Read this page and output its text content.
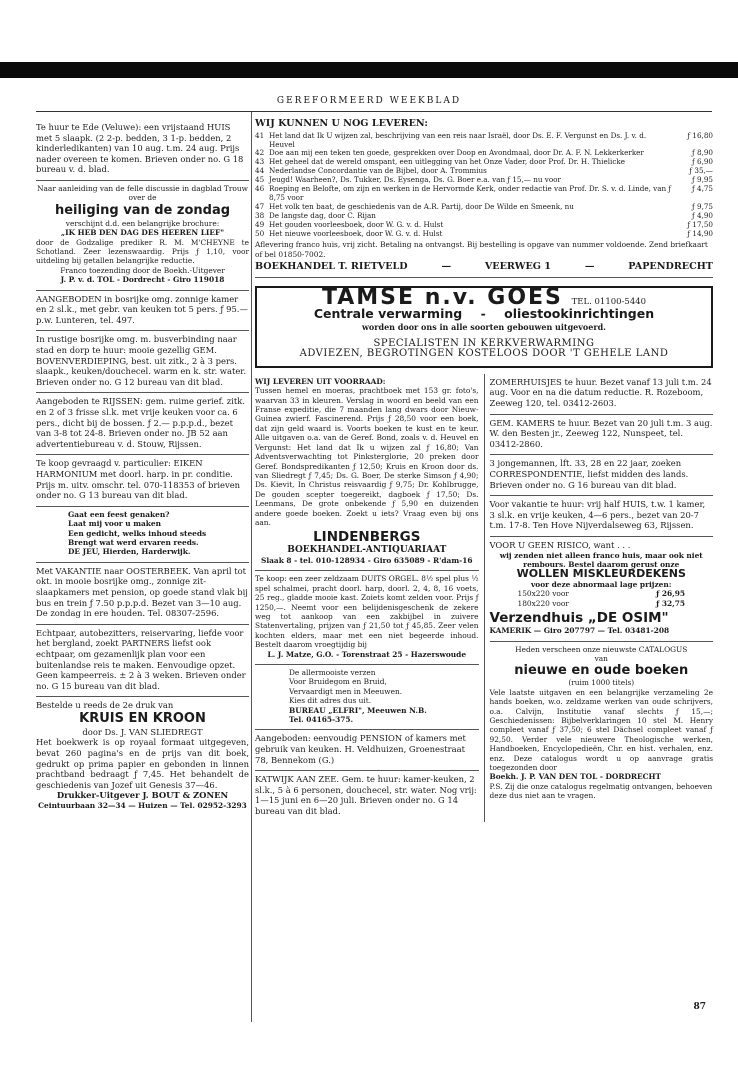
GEREFORMEERD WEEKBLAD
Te huur te Ede (Veluwe): een vrijstaand HUIS met 5 slaapk. (2 2-p. bedden, 3 1-p. bedden, 2 kinderledikanten) van 10 aug. t.m. 24 aug. Prijs nader overeen te komen. Brieven onder no. G 18 bureau v. d. blad.
Naar aanleiding van de felle discussie in dagblad Trouw over de
heiliging van de zondag
verschijnt d.d. een belangrijke brochure:
„IK HEB DEN DAG DES HEEREN LIEF"
door de Godzalige prediker R. M. M'CHEYNE te Schotland. Zeer lezenswaardig. Prijs ƒ 1,10, voor uitdeling bij getallen belangrijke reductie.
Franco toezending door de Boekh.-Uitgever
J. P. v. d. TOL - Dordrecht - Giro 119018
AANGEBODEN in bosrijke omg. zonnige kamer en 2 sl.k., met gebr. van keuken tot 5 pers. ƒ 95.— p.w. Lunteren, tel. 497.
In rustige bosrijke omg. m. busverbinding naar stad en dorp te huur: mooie gezellig GEM. BOVENVERDIEPING, best. uit zitk., 2 à 3 pers. slaapk., keuken/douchecel. warm en k. str. water. Brieven onder no. G 12 bureau van dit blad.
Aangeboden te RIJSSEN: gem. ruime gerief. zitk. en 2 of 3 frisse sl.k. met vrije keuken voor ca. 6 pers., dicht bij de bossen. ƒ 2.— p.p.p.d., bezet van 3-8 tot 24-8. Brieven onder no. JB 52 aan advertentiebureau v. d. Stouw, Rijssen.
Te koop gevraagd v. particulier: EIKEN HARMONIUM met doorl. harp. in pr. conditie. Prijs m. uitv. omschr. tel. 070-118353 of brieven onder no. G 13 bureau van dit blad.
Gaat een feest genaken?
Laat mij voor u maken
Een gedicht, welks inhoud steeds
Brengt wat werd ervaren reeds.
DE JEU, Hierden, Harderwijk.
Met VAKANTIE naar OOSTERBEEK. Van april tot okt. in mooie bosrijke omg., zonnige zit-slaapkamers met pension, op goede stand vlak bij bus en trein ƒ 7.50 p.p.p.d. Bezet van 3—10 aug. De zondag in ere houden. Tel. 08307-2596.
Echtpaar, autobezitters, reiservaring, liefde voor het bergland, zoekt PARTNERS liefst ook echtpaar, om gezamenlijk plan voor een buitenlandse reis te maken. Eenvoudige opzet. Geen kampeerreis. ± 2 à 3 weken. Brieven onder no. G 15 bureau van dit blad.
Bestelde u reeds de 2e druk van
KRUIS EN KROON
door Ds. J. VAN SLIEDREGT
Het boekwerk is op royaal formaat uitgegeven, bevat 260 pagina's en de prijs van dit boek, gedrukt op prima papier en gebonden in linnen prachtband bedraagt ƒ 7,45. Het behandelt de geschiedenis van Jozef uit Genesis 37—46.
Drukker-Uitgever J. BOUT & ZONEN
Ceintuurbaan 32—34 — Huizen — Tel. 02952-3293
WIJ KUNNEN U NOG LEVEREN:
41 Het land dat Ik U wijzen zal, beschrijving van een reis naar Israël, door Ds. E. F. Vergunst en Ds. J. v. d. Heuvel
ƒ 16,80
42 Doe aan mij een teken ten goede, gesprekken over Doop en Avondmaal, door Dr. A. F. N. Lekkerkerker	ƒ 8,90
43 Het geheel dat de wereld omspant, een uitlegging van het Onze Vader, door Prof. Dr. H. Thielicke	ƒ 6,90
44 Nederlandse Concordantie van de Bijbel, door A. Trommius	ƒ 35,—
45 Jeugd! Waarheen?, Ds. Tukker, Ds. Eysenga, Ds. G. Boer e.a. van ƒ 15,— nu voor	ƒ 9,95
46 Roeping en Belofte, om zijn en werken in de Hervormde Kerk, onder redactie van Prof. Dr. S. v. d. Linde, van ƒ 8,75 voor
ƒ 4,75
47 Het volk ten baat, de geschiedenis van de A.R. Partij, door De Wilde en Smeenk, nu	ƒ 9,75
38 De langste dag, door C. Rijan	ƒ 4,90
49 Het gouden voorleesboek, door W. G. v. d. Hulst	ƒ 17,50
50 Het nieuwe voorleesboek, door W. G. v. d. Hulst	ƒ 14,90
Aflevering franco huis, vrij zicht. Betaling na ontvangst. Bij bestelling is opgave van nummer voldoende. Zend briefkaart of bel 01850-7002.
BOEKHANDEL T. RIETVELD	—	VEERWEG 1	—	PAPENDRECHT
TAMSE n.v. GOES TEL. 01100-5440
Centrale verwarming - oliestookinrichtingen
worden door ons in alle soorten gebouwen uitgevoerd.
SPECIALISTEN IN KERKVERWARMING
ADVIEZEN, BEGROTINGEN KOSTELOOS DOOR 'T GEHELE LAND
WIJ LEVEREN UIT VOORRAAD:
Tussen hemel en moeras, prachtboek met 153 gr. foto's, waarvan 33 in kleuren. Verslag in woord en beeld van een Franse expeditie, die 7 maanden lang dwars door Nieuw-Guinea zwierf. Fascinerend. Prijs ƒ 28,50 voor een boek, dat zijn geld waard is. Voorts boeken te kust en te keur. Alle uitgaven o.a. van de Geref. Bond, zoals v. d. Heuvel en Vergunst: Het land dat Ik u wijzen zal ƒ 16,80; Van Adventsverwachting tot Pinksterglorie, 20 preken door Geref. Bondspredikanten ƒ 12,50; Kruis en Kroon door ds. van Sliedregt ƒ 7,45; Ds. G. Boer, De sterke Simson ƒ 4,90; Ds. Kievit, In Christus reisvaardig ƒ 9,75; Dr. Kohlbrugge, De gouden scepter toegereikt, dagboek ƒ 17,50; Ds. Leenmans, De grote onbekende ƒ 5,90 en duizenden andere goede boeken. Zoekt u iets? Vraag even bij ons aan.
LINDENBERGS
BOEKHANDEL-ANTIQUARIAAT
Slaak 8 - tel. 010-128934 - Giro 635089 - R'dam-16
Te koop: een zeer zeldzaam DUITS ORGEL. 8½ spel plus ½ spel schalmei, pracht doorl. harp, doorl. 2, 4, 8, 16 voets, 25 reg., gladde mooie kast. Zoiets komt zelden voor. Prijs ƒ 1250,—. Neemt voor een belijdenisgeschenk de zekere weg tot aankoop van een zakbijbel in zuivere Statenvertaling, prijzen van ƒ 21,50 tot ƒ 45,85. Zeer velen kochten elders, maar met een niet begeerde inhoud. Bestelt daarom vroegtijdig bij
L. J. Matze, G.O. - Torenstraat 25 - Hazerswoude
De allermooiste verzen
Voor Bruidegom en Bruid,
Vervaardigt men in Meeuwen.
Kies dit adres dus uit.
BUREAU „ELFRI", Meeuwen N.B.
Tel. 04165-375.
Aangeboden: eenvoudig PENSION of kamers met gebruik van keuken. H. Veldhuizen, Groenestraat 78, Bennekom (G.)
KATWIJK AAN ZEE. Gem. te huur: kamer-keuken, 2 sl.k., 5 à 6 personen, douchecel, str. water. Nog vrij: 1—15 juni en 6—20 juli. Brieven onder no. G 14 bureau van dit blad.
ZOMERHUISJES te huur. Bezet vanaf 13 juli t.m. 24 aug. Voor en na die datum reductie. R. Rozeboom, Zeeweg 120, tel. 03412-2603.
GEM. KAMERS te huur. Bezet van 20 juli t.m. 3 aug. W. den Besten jr., Zeeweg 122, Nunspeet, tel. 03412-2860.
3 jongemannen, lft. 33, 28 en 22 jaar, zoeken CORRESPONDENTIE, liefst midden des lands. Brieven onder no. G 16 bureau van dit blad.
Voor vakantie te huur: vrij half HUIS, t.w. 1 kamer, 3 sl.k. en vrije keuken, 4—6 pers., bezet van 20-7 t.m. 17-8. Ten Hove Nijverdalseweg 63, Rijssen.
VOOR U GEEN RISICO, want . . .
wij zenden niet alleen franco huis, maar ook niet rembours. Bestel daarom gerust onze
WOLLEN MISKLEURDEKENS
voor deze abnormaal lage prijzen:
150x220 voor	ƒ 26,95
180x220 voor	ƒ 32,75
Verzendhuis „DE OSIM"
KAMERIK — Giro 207797 — Tel. 03481-208
Heden verscheen onze nieuwste CATALOGUS
van
nieuwe en oude boeken
(ruim 1000 titels)
Vele laatste uitgaven en een belangrijke verzameling 2e hands boeken, w.o. zeldzame werken van oude schrijvers, o.a. Calvijn, Institutie vanaf slechts ƒ 15,—; Geschiedenissen: Bijbelverklaringen 10 stel M. Henry compleet vanaf ƒ 37,50; 6 stel Dächsel compleet vanaf ƒ 92,50. Verder vele nieuwere Theologische werken, Handboeken, Encyclopedieën, Chr. en hist. verhalen, enz. enz. Deze catalogus wordt u op aanvrage gratis toegezonden door
Boekh. J. P. VAN DEN TOL - DORDRECHT
P.S. Zij die onze catalogus regelmatig ontvangen, behoeven deze dus niet aan te vragen.
87
